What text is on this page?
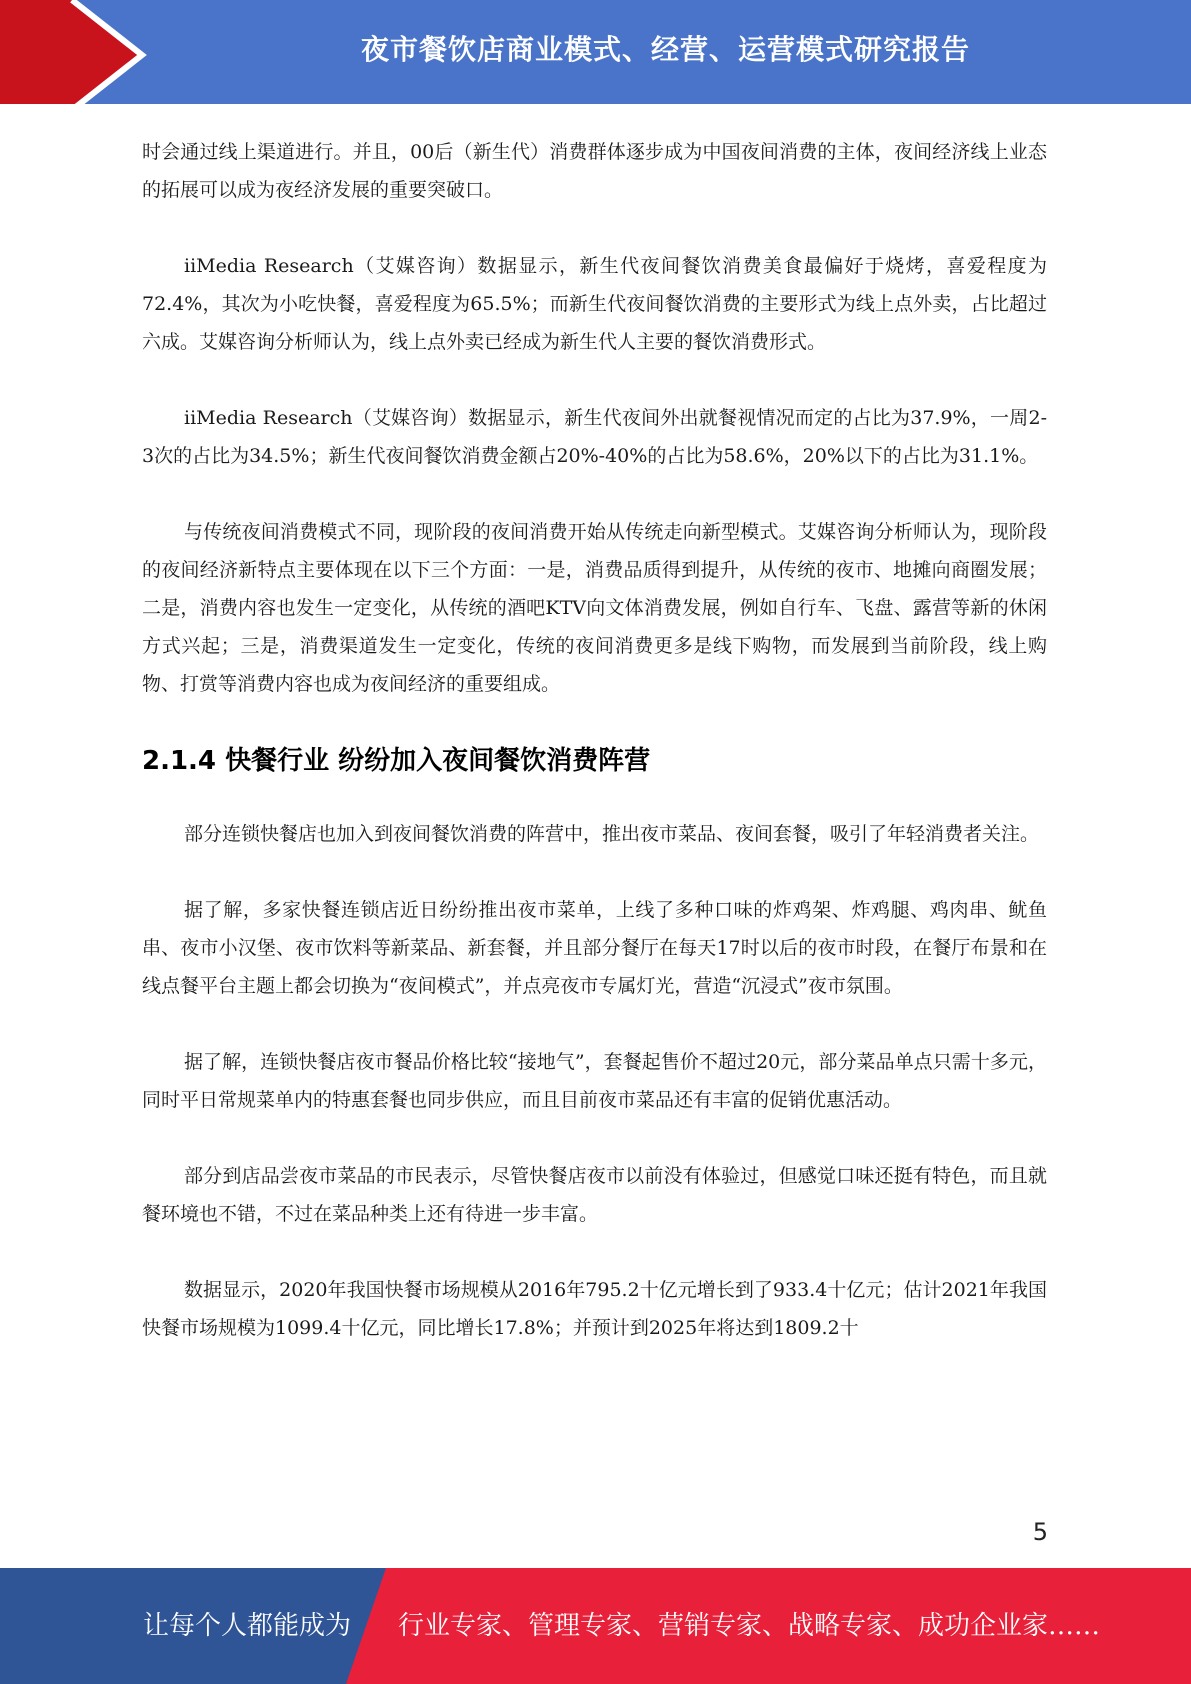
夜市餐饮店商业模式、经营、运营模式研究报告

时会通过线上渠道进行。并且，00后（新生代）消费群体逐步成为中国夜间消费的主体，夜间经济线上业态的拓展可以成为夜经济发展的重要突破口。

iiMedia Research（艾媒咨询）数据显示，新生代夜间餐饮消费美食最偏好于烧烤，喜爱程度为72.4%，其次为小吃快餐，喜爱程度为65.5%；而新生代夜间餐饮消费的主要形式为线上点外卖，占比超过六成。艾媒咨询分析师认为，线上点外卖已经成为新生代人主要的餐饮消费形式。

iiMedia Research（艾媒咨询）数据显示，新生代夜间外出就餐视情况而定的占比为37.9%，一周2-3次的占比为34.5%；新生代夜间餐饮消费金额占20%-40%的占比为58.6%，20%以下的占比为31.1%。

与传统夜间消费模式不同，现阶段的夜间消费开始从传统走向新型模式。艾媒咨询分析师认为，现阶段的夜间经济新特点主要体现在以下三个方面：一是，消费品质得到提升，从传统的夜市、地摊向商圈发展；二是，消费内容也发生一定变化，从传统的酒吧KTV向文体消费发展，例如自行车、飞盘、露营等新的休闲方式兴起；三是，消费渠道发生一定变化，传统的夜间消费更多是线下购物，而发展到当前阶段，线上购物、打赏等消费内容也成为夜间经济的重要组成。

2.1.4 快餐行业 纷纷加入夜间餐饮消费阵营

部分连锁快餐店也加入到夜间餐饮消费的阵营中，推出夜市菜品、夜间套餐，吸引了年轻消费者关注。

据了解，多家快餐连锁店近日纷纷推出夜市菜单，上线了多种口味的炸鸡架、炸鸡腿、鸡肉串、鱿鱼串、夜市小汉堡、夜市饮料等新菜品、新套餐，并且部分餐厅在每天17时以后的夜市时段，在餐厅布景和在线点餐平台主题上都会切换为“夜间模式”，并点亮夜市专属灯光，营造“沉浸式”夜市氛围。

据了解，连锁快餐店夜市餐品价格比较“接地气”，套餐起售价不超过20元，部分菜品单点只需十多元，同时平日常规菜单内的特惠套餐也同步供应，而且目前夜市菜品还有丰富的促销优惠活动。

部分到店品尝夜市菜品的市民表示，尽管快餐店夜市以前没有体验过，但感觉口味还挺有特色，而且就餐环境也不错，不过在菜品种类上还有待进一步丰富。

数据显示，2020年我国快餐市场规模从2016年795.2十亿元增长到了933.4十亿元；估计2021年我国快餐市场规模为1099.4十亿元，同比增长17.8%；并预计到2025年将达到1809.2十

5
让每个人都能成为 行业专家、管理专家、营销专家、战略专家、成功企业家……
